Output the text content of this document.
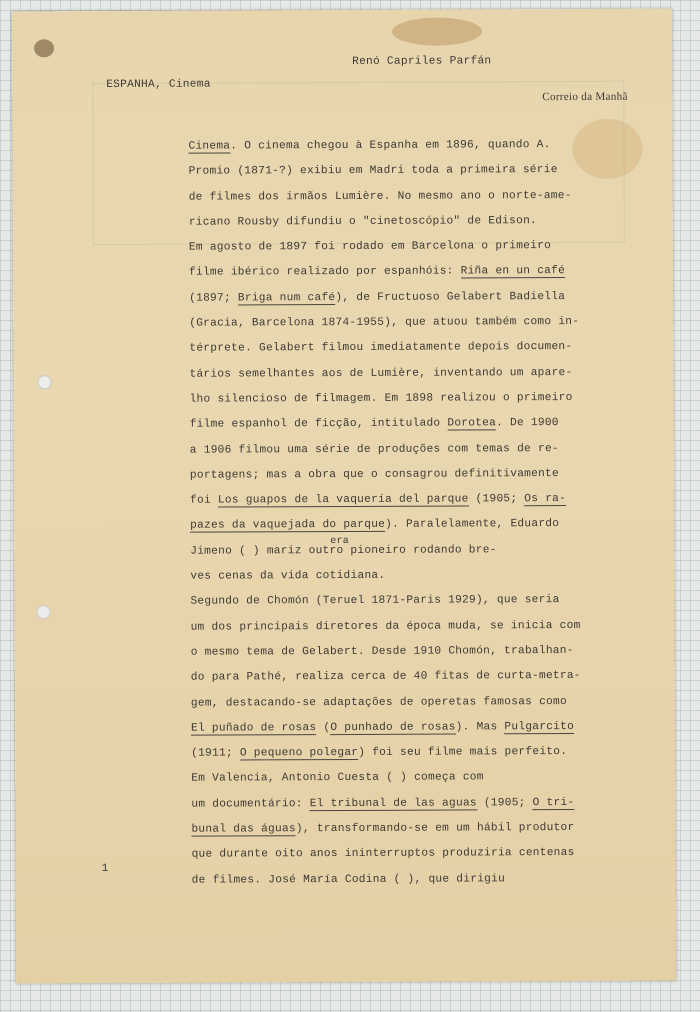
Correio da Manhã
Renó Capriles Parfán
ESPANHA, Cinema
Cinema. O cinema chegou à Espanha em 1896, quando A.
Promio (1871-?) exibiu em Madri toda a primeira série
de filmes dos irmãos Lumière. No mesmo ano o norte-ame-
ricano Rousby difundiu o "cinetoscópio" de Edison.
Em agosto de 1897 foi rodado em Barcelona o primeiro
filme ibérico realizado por espanhóis: Riña en un café
(1897; Briga num café), de Fructuoso Gelabert Badiella
(Gracia, Barcelona 1874-1955), que atuou também como in-
térprete. Gelabert filmou imediatamente depois documen-
tários semelhantes aos de Lumière, inventando um apare-
lho silencioso de filmagem. Em 1898 realizou o primeiro
filme espanhol de ficção, intitulado Dorotea. De 1900
a 1906 filmou uma série de produções com temas de re-
portagens; mas a obra que o consagrou definitivamente
foi Los guapos de la vaquería del parque (1905; Os ra-
pazes da vaquejada do parque). Paralelamente, Eduardo
Jimeno ( ) mariz outro pioneiro rodando bre-
era
ves cenas da vida cotidiana.
Segundo de Chomón (Teruel 1871-Paris 1929), que seria
um dos principais diretores da época muda, se inicia com
o mesmo tema de Gelabert. Desde 1910 Chomón, trabalhan-
do para Pathé, realiza cerca de 40 fitas de curta-metra-
gem, destacando-se adaptações de operetas famosas como
El puñado de rosas (O punhado de rosas). Mas Pulgarcito
(1911; O pequeno polegar) foi seu filme mais perfeito.
Em Valencia, Antonio Cuesta ( ) começa com
um documentário: El tribunal de las aguas (1905; O tri-
bunal das águas), transformando-se em um hábil produtor
que durante oito anos ininterruptos produziria centenas
de filmes. José María Codina ( ), que dirigiu
1
